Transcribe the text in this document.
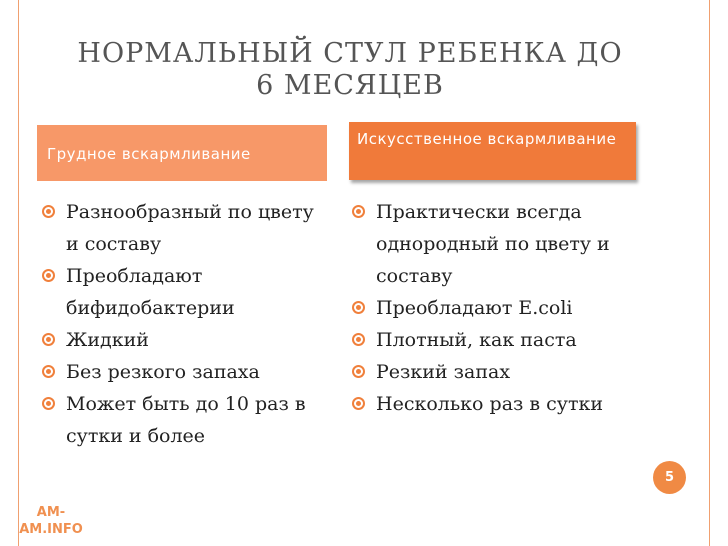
НОРМАЛЬНЫЙ СТУЛ РЕБЕНКА ДО
6 МЕСЯЦЕВ
Грудное вскармливание
Искусственное вскармливание
Разнообразный по цвету и составу
Преобладают бифидобактерии
Жидкий
Без резкого запаха
Может быть до 10 раз в сутки и более
Практически всегда однородный по цвету и составу
Преобладают E.coli
Плотный, как паста
Резкий запах
Несколько раз в сутки
5
AM-
AM.INFO
